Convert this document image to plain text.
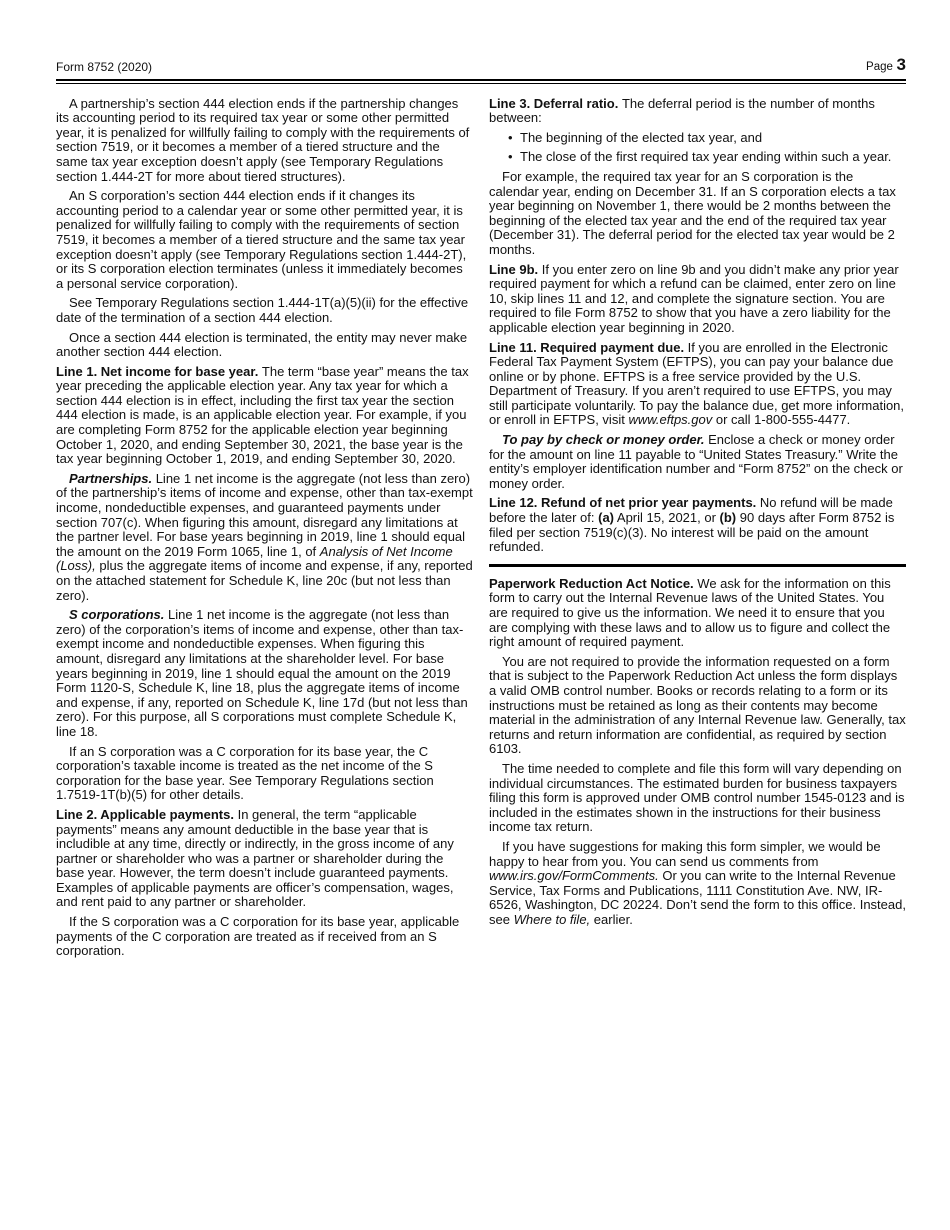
Form 8752 (2020)	Page 3

A partnership’s section 444 election ends if the partnership changes its accounting period to its required tax year or some other permitted year, it is penalized for willfully failing to comply with the requirements of section 7519, or it becomes a member of a tiered structure and the same tax year exception doesn’t apply (see Temporary Regulations section 1.444-2T for more about tiered structures).

An S corporation’s section 444 election ends if it changes its accounting period to a calendar year or some other permitted year, it is penalized for willfully failing to comply with the requirements of section 7519, it becomes a member of a tiered structure and the same tax year exception doesn’t apply (see Temporary Regulations section 1.444-2T), or its S corporation election terminates (unless it immediately becomes a personal service corporation).

See Temporary Regulations section 1.444-1T(a)(5)(ii) for the effective date of the termination of a section 444 election.

Once a section 444 election is terminated, the entity may never make another section 444 election.

Line 1. Net income for base year. The term “base year” means the tax year preceding the applicable election year. Any tax year for which a section 444 election is in effect, including the first tax year the section 444 election is made, is an applicable election year. For example, if you are completing Form 8752 for the applicable election year beginning October 1, 2020, and ending September 30, 2021, the base year is the tax year beginning October 1, 2019, and ending September 30, 2020.

Partnerships. Line 1 net income is the aggregate (not less than zero) of the partnership’s items of income and expense, other than tax-exempt income, nondeductible expenses, and guaranteed payments under section 707(c). When figuring this amount, disregard any limitations at the partner level. For base years beginning in 2019, line 1 should equal the amount on the 2019 Form 1065, line 1, of Analysis of Net Income (Loss), plus the aggregate items of income and expense, if any, reported on the attached statement for Schedule K, line 20c (but not less than zero).

S corporations. Line 1 net income is the aggregate (not less than zero) of the corporation’s items of income and expense, other than tax-exempt income and nondeductible expenses. When figuring this amount, disregard any limitations at the shareholder level. For base years beginning in 2019, line 1 should equal the amount on the 2019 Form 1120-S, Schedule K, line 18, plus the aggregate items of income and expense, if any, reported on Schedule K, line 17d (but not less than zero). For this purpose, all S corporations must complete Schedule K, line 18.

If an S corporation was a C corporation for its base year, the C corporation’s taxable income is treated as the net income of the S corporation for the base year. See Temporary Regulations section 1.7519-1T(b)(5) for other details.

Line 2. Applicable payments. In general, the term “applicable payments” means any amount deductible in the base year that is includible at any time, directly or indirectly, in the gross income of any partner or shareholder who was a partner or shareholder during the base year. However, the term doesn’t include guaranteed payments. Examples of applicable payments are officer’s compensation, wages, and rent paid to any partner or shareholder.

If the S corporation was a C corporation for its base year, applicable payments of the C corporation are treated as if received from an S corporation.

Line 3. Deferral ratio. The deferral period is the number of months between:

• The beginning of the elected tax year, and
• The close of the first required tax year ending within such a year.

For example, the required tax year for an S corporation is the calendar year, ending on December 31. If an S corporation elects a tax year beginning on November 1, there would be 2 months between the beginning of the elected tax year and the end of the required tax year (December 31). The deferral period for the elected tax year would be 2 months.

Line 9b. If you enter zero on line 9b and you didn’t make any prior year required payment for which a refund can be claimed, enter zero on line 10, skip lines 11 and 12, and complete the signature section. You are required to file Form 8752 to show that you have a zero liability for the applicable election year beginning in 2020.

Line 11. Required payment due. If you are enrolled in the Electronic Federal Tax Payment System (EFTPS), you can pay your balance due online or by phone. EFTPS is a free service provided by the U.S. Department of Treasury. If you aren’t required to use EFTPS, you may still participate voluntarily. To pay the balance due, get more information, or enroll in EFTPS, visit www.eftps.gov or call 1-800-555-4477.

To pay by check or money order. Enclose a check or money order for the amount on line 11 payable to “United States Treasury.” Write the entity’s employer identification number and “Form 8752” on the check or money order.

Line 12. Refund of net prior year payments. No refund will be made before the later of: (a) April 15, 2021, or (b) 90 days after Form 8752 is filed per section 7519(c)(3). No interest will be paid on the amount refunded.

Paperwork Reduction Act Notice. We ask for the information on this form to carry out the Internal Revenue laws of the United States. You are required to give us the information. We need it to ensure that you are complying with these laws and to allow us to figure and collect the right amount of required payment.

You are not required to provide the information requested on a form that is subject to the Paperwork Reduction Act unless the form displays a valid OMB control number. Books or records relating to a form or its instructions must be retained as long as their contents may become material in the administration of any Internal Revenue law. Generally, tax returns and return information are confidential, as required by section 6103.

The time needed to complete and file this form will vary depending on individual circumstances. The estimated burden for business taxpayers filing this form is approved under OMB control number 1545-0123 and is included in the estimates shown in the instructions for their business income tax return.

If you have suggestions for making this form simpler, we would be happy to hear from you. You can send us comments from www.irs.gov/FormComments. Or you can write to the Internal Revenue Service, Tax Forms and Publications, 1111 Constitution Ave. NW, IR-6526, Washington, DC 20224. Don’t send the form to this office. Instead, see Where to file, earlier.
